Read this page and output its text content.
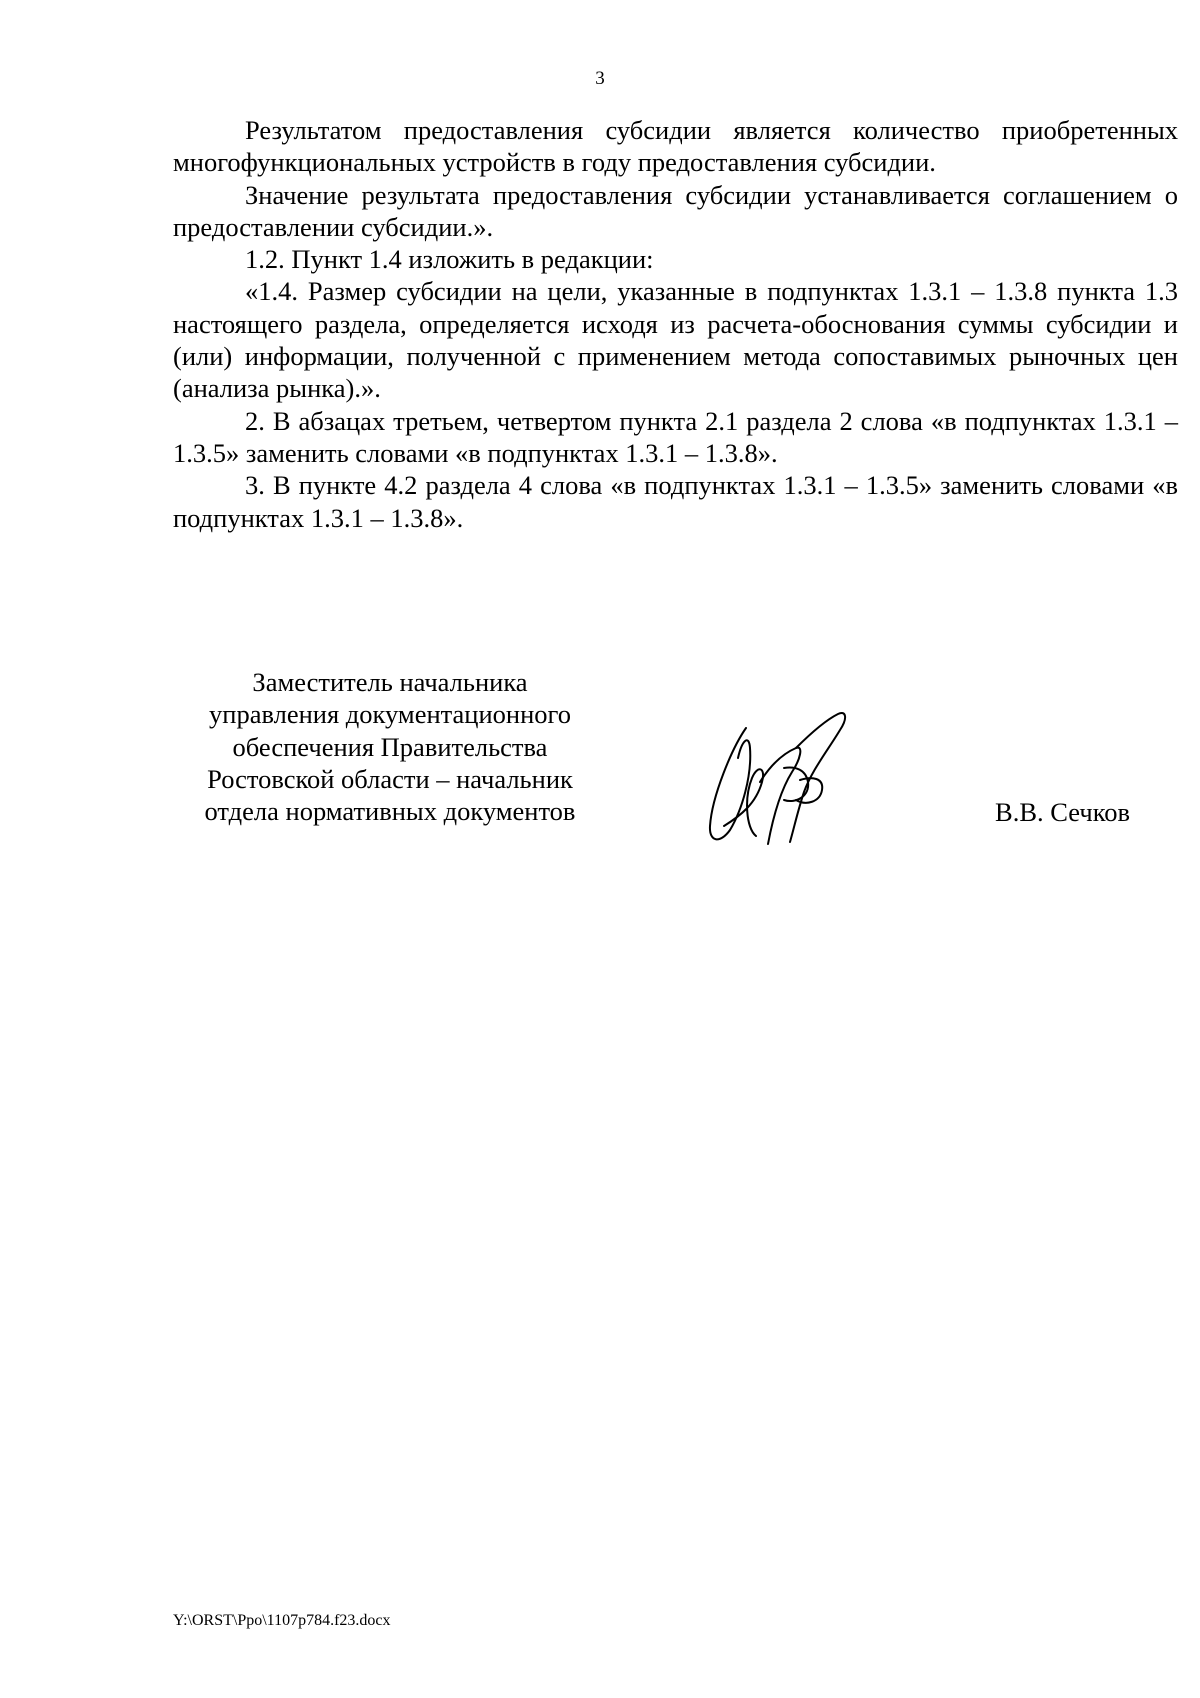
3

Результатом предоставления субсидии является количество приобретенных многофункциональных устройств в году предоставления субсидии.

Значение результата предоставления субсидии устанавливается соглашением о предоставлении субсидии.».

1.2. Пункт 1.4 изложить в редакции:

«1.4. Размер субсидии на цели, указанные в подпунктах 1.3.1 – 1.3.8 пункта 1.3 настоящего раздела, определяется исходя из расчета-обоснования суммы субсидии и (или) информации, полученной с применением метода сопоставимых рыночных цен (анализа рынка).».

2. В абзацах третьем, четвертом пункта 2.1 раздела 2 слова «в подпунктах 1.3.1 – 1.3.5» заменить словами «в подпунктах 1.3.1 – 1.3.8».

3. В пункте 4.2 раздела 4 слова «в подпунктах 1.3.1 – 1.3.5» заменить словами «в подпунктах 1.3.1 – 1.3.8».

Заместитель начальника
управления документационного
обеспечения Правительства
Ростовской области – начальник
отдела нормативных документов	В.В. Сечков
Y:\ORST\Ppo\1107p784.f23.docx
